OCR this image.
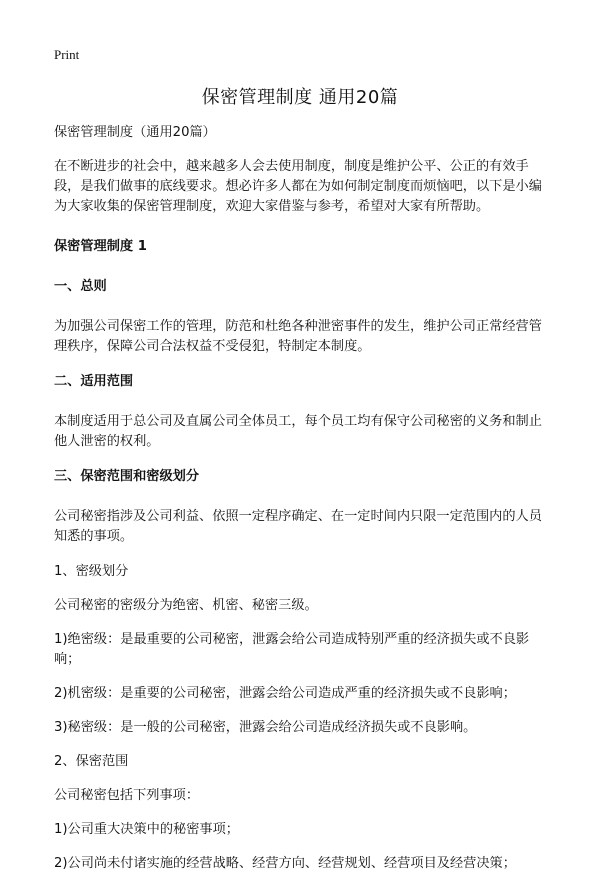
Print
保密管理制度 通用20篇

保密管理制度（通用20篇）

在不断进步的社会中，越来越多人会去使用制度，制度是维护公平、公正的有效手段，是我们做事的底线要求。想必许多人都在为如何制定制度而烦恼吧，以下是小编为大家收集的保密管理制度，欢迎大家借鉴与参考，希望对大家有所帮助。

保密管理制度 1

一、总则

为加强公司保密工作的管理，防范和杜绝各种泄密事件的发生，维护公司正常经营管理秩序，保障公司合法权益不受侵犯，特制定本制度。

二、适用范围

本制度适用于总公司及直属公司全体员工，每个员工均有保守公司秘密的义务和制止他人泄密的权利。

三、保密范围和密级划分

公司秘密指涉及公司利益、依照一定程序确定、在一定时间内只限一定范围内的人员知悉的事项。

1、密级划分

公司秘密的密级分为绝密、机密、秘密三级。

1)绝密级：是最重要的公司秘密，泄露会给公司造成特别严重的经济损失或不良影响；

2)机密级：是重要的公司秘密，泄露会给公司造成严重的经济损失或不良影响；

3)秘密级：是一般的公司秘密，泄露会给公司造成经济损失或不良影响。

2、保密范围

公司秘密包括下列事项：

1)公司重大决策中的秘密事项；

2)公司尚未付诸实施的经营战略、经营方向、经营规划、经营项目及经营决策；
